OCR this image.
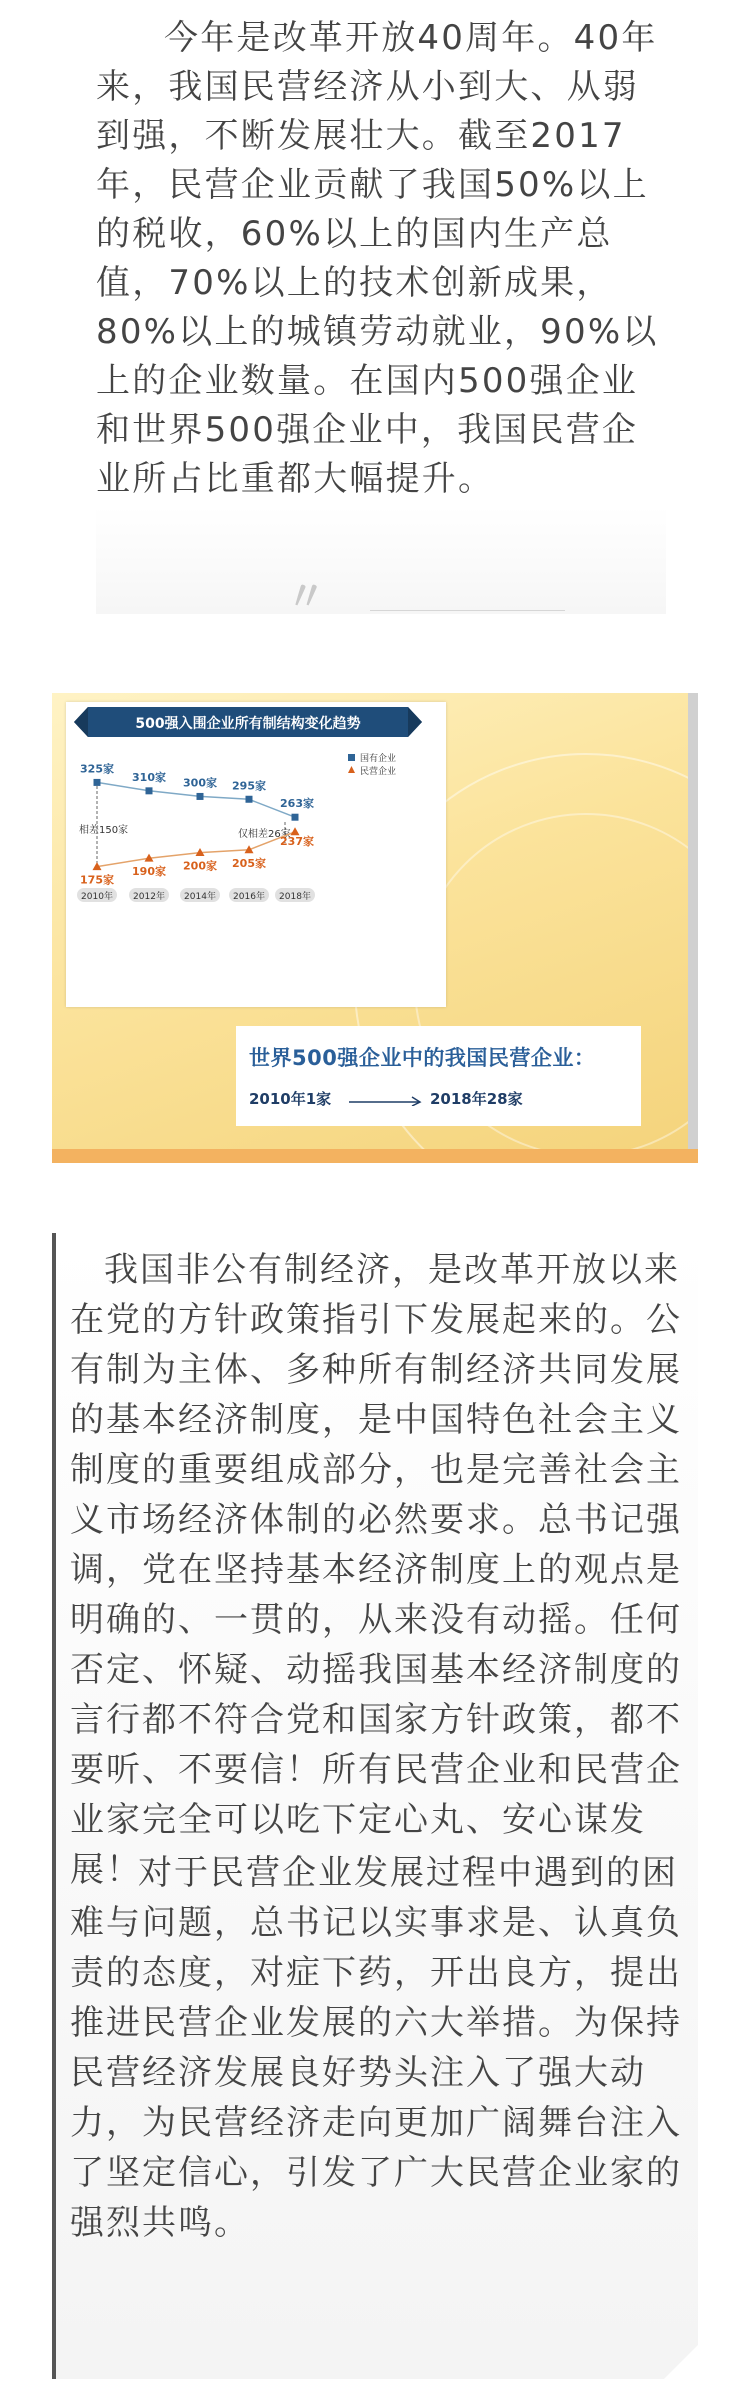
今年是改革开放40周年。40年来，我国民营经济从小到大、从弱到强，不断发展壮大。截至2017年，民营企业贡献了我国50%以上的税收，60%以上的国内生产总值，70%以上的技术创新成果，80%以上的城镇劳动就业，90%以上的企业数量。在国内500强企业和世界500强企业中，我国民营企业所占比重都大幅提升。

〃
500强入围企业所有制结构变化趋势
国有企业
民营企业
相差150家	仅相差26家
325家
310家 300家 295家
263家
175家
190家 200家 205家
237家
2010年 2012年 2014年 2016年 2018年
世界500强企业中的我国民营企业：
2010年1家	2018年28家

我国非公有制经济，是改革开放以来在党的方针政策指引下发展起来的。公有制为主体、多种所有制经济共同发展的基本经济制度，是中国特色社会主义制度的重要组成部分，也是完善社会主义市场经济体制的必然要求。总书记强调，党在坚持基本经济制度上的观点是明确的、一贯的，从来没有动摇。任何否定、怀疑、动摇我国基本经济制度的言行都不符合党和国家方针政策，都不要听、不要信！所有民营企业和民营企业家完全可以吃下定心丸、安心谋发展！

对于民营企业发展过程中遇到的困难与问题，总书记以实事求是、认真负责的态度，对症下药，开出良方，提出推进民营企业发展的六大举措。为保持民营经济发展良好势头注入了强大动力，为民营经济走向更加广阔舞台注入了坚定信心，引发了广大民营企业家的强烈共鸣。
